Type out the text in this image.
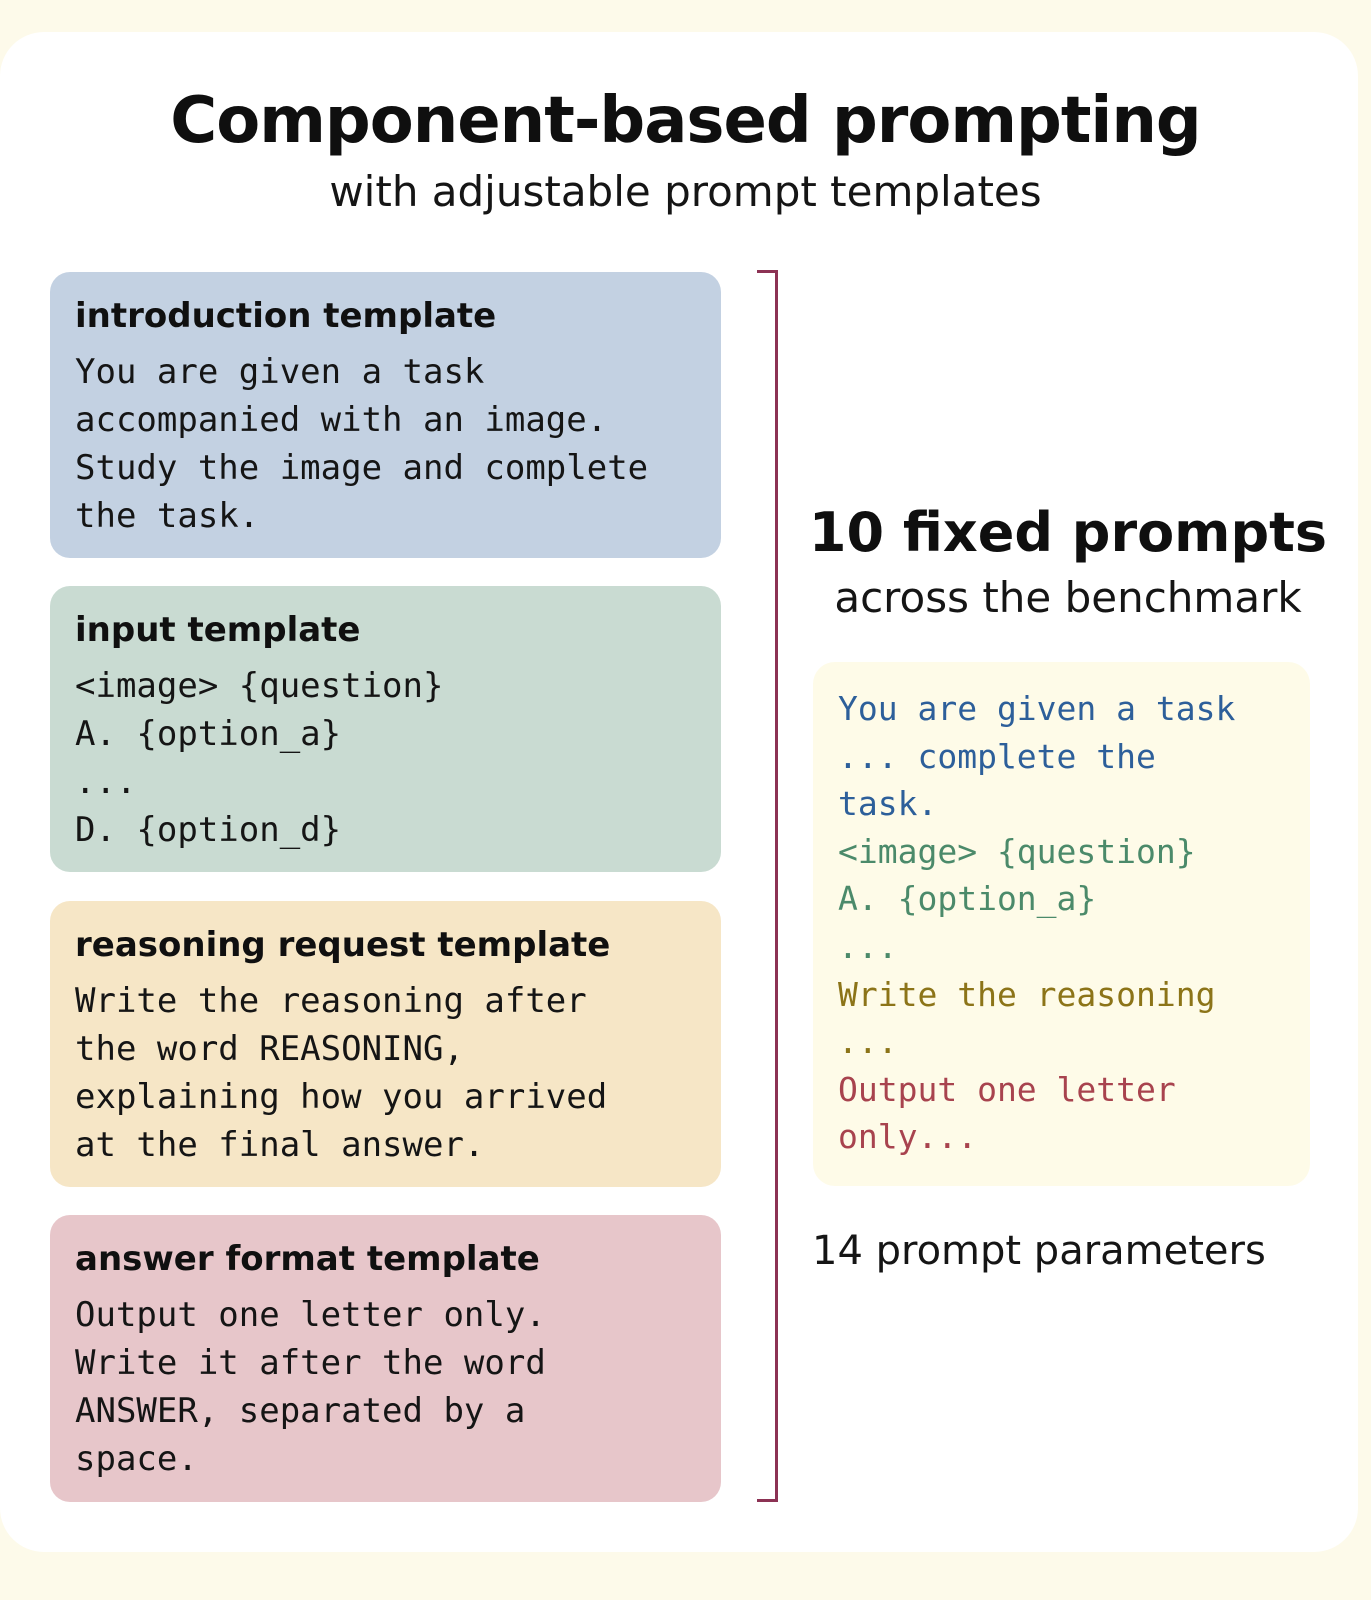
Component-based prompting
with adjustable prompt templates
introduction template
You are given a task
accompanied with an image.
Study the image and complete
the task.
input template
<image> {question}
A. {option_a}
...
D. {option_d}
reasoning request template
Write the reasoning after
the word REASONING,
explaining how you arrived
at the final answer.
answer format template
Output one letter only.
Write it after the word
ANSWER, separated by a
space.
10 fixed prompts
across the benchmark
You are given a task
... complete the
task.
<image> {question}
A. {option_a}
...
Write the reasoning
...
Output one letter
only...
14 prompt parameters
